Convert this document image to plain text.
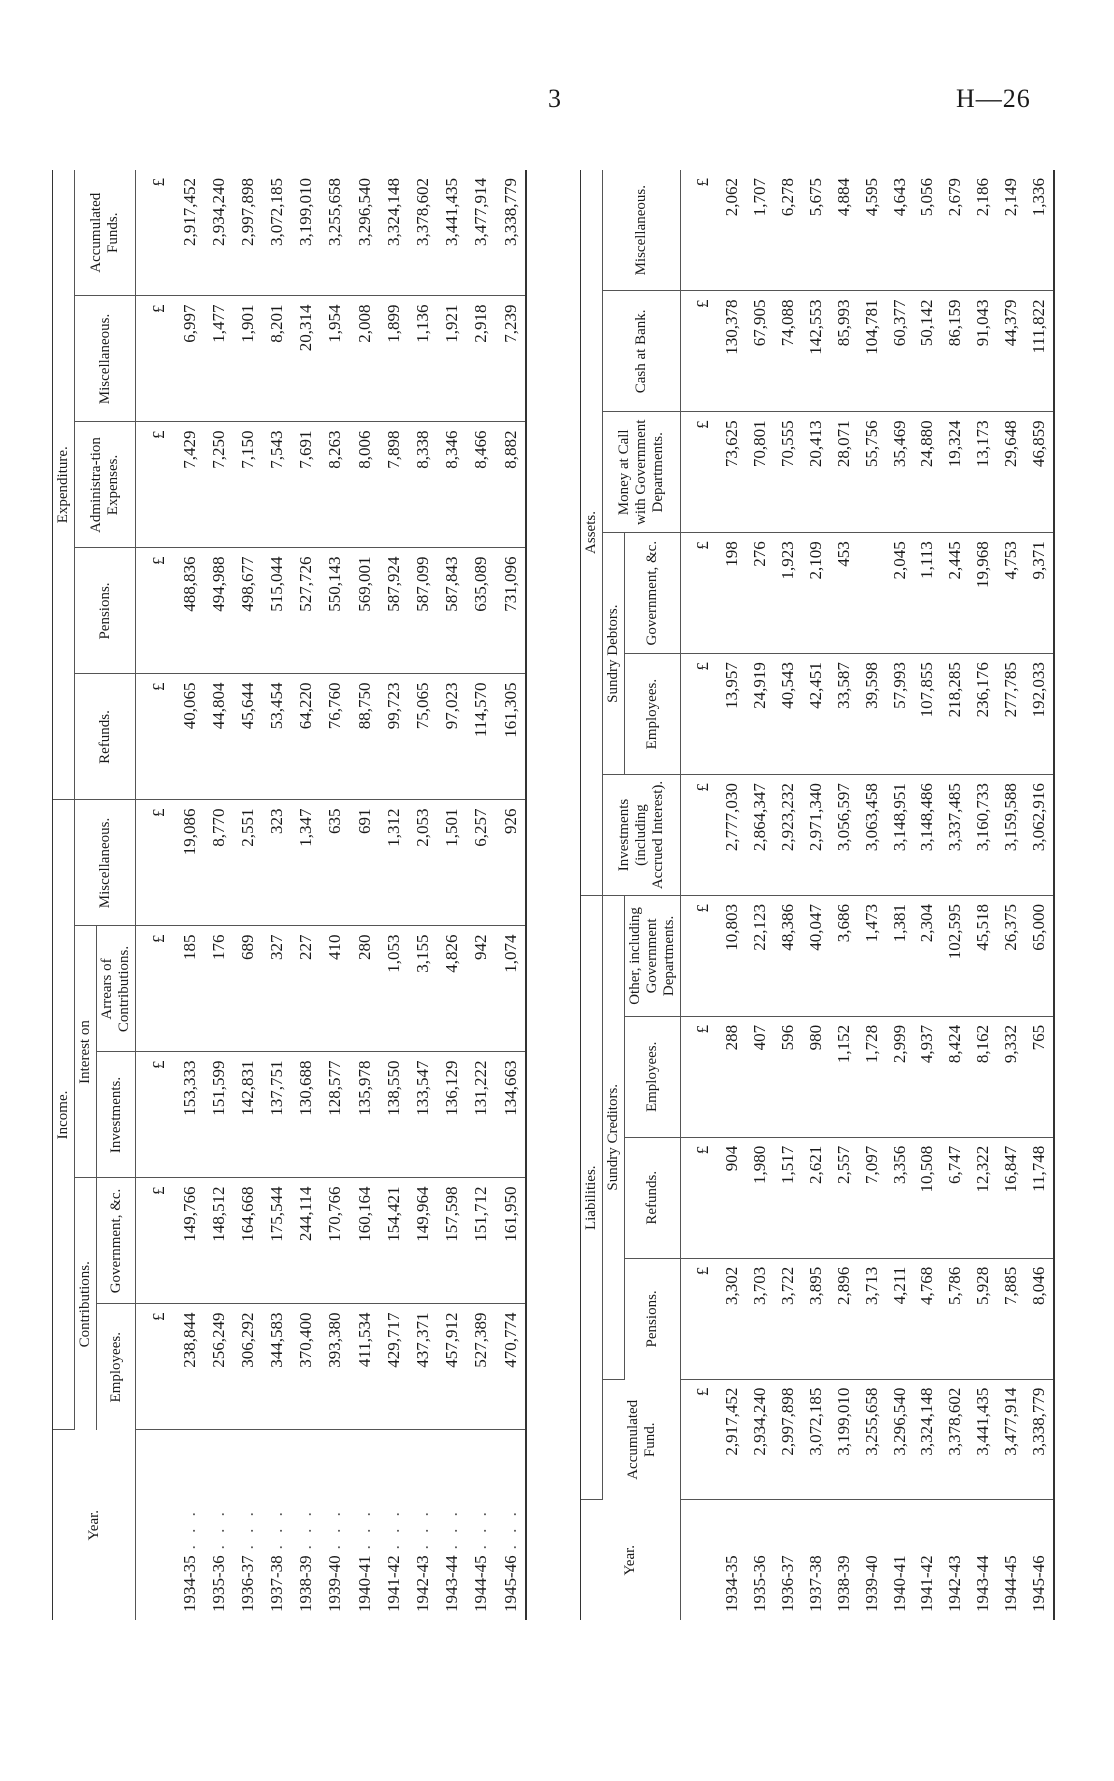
3	H—26
Year.	Income.					Expenditure.				
	Contributions.		Interest on		Miscellaneous.	Refunds.	Pensions.	Administra-tion Expenses.	Miscellaneous.	Accumulated Funds.
	Employees.	Government, &c.	Investments.	Arrears of Contributions.						
	£	£	£	£	£	£	£	£	£	£
1934-35. . .	238,844	149,766	153,333	185	19,086	40,065	488,836	7,429	6,997	2,917,452
1935-36. . .	256,249	148,512	151,599	176	8,770	44,804	494,988	7,250	1,477	2,934,240
1936-37. . .	306,292	164,668	142,831	689	2,551	45,644	498,677	7,150	1,901	2,997,898
1937-38. . .	344,583	175,544	137,751	327	323	53,454	515,044	7,543	8,201	3,072,185
1938-39. . .	370,400	244,114	130,688	227	1,347	64,220	527,726	7,691	20,314	3,199,010
1939-40. . .	393,380	170,766	128,577	410	635	76,760	550,143	8,263	1,954	3,255,658
1940-41. . .	411,534	160,164	135,978	280	691	88,750	569,001	8,006	2,008	3,296,540
1941-42. . .	429,717	154,421	138,550	1,053	1,312	99,723	587,924	7,898	1,899	3,324,148
1942-43. . .	437,371	149,964	133,547	3,155	2,053	75,065	587,099	8,338	1,136	3,378,602
1943-44. . .	457,912	157,598	136,129	4,826	1,501	97,023	587,843	8,346	1,921	3,441,435
1944-45. . .	527,389	151,712	131,222	942	6,257	114,570	635,089	8,466	2,918	3,477,914
1945-46. . .	470,774	161,950	134,663	1,074	926	161,305	731,096	8,882	7,239	3,338,779
Year.	Liabilities.					Assets.					
	Accumulated Fund.	Sundry Creditors.				Investments (including Accrued Interest).	Sundry Debtors.		Money at Call with Government Departments.	Cash at Bank.	Miscellaneous.
		Pensions.	Refunds.	Employees.	Other, including Government Departments.		Employees.	Government, &c.			
	£	£	£	£	£	£	£	£	£	£	£
1934-35	2,917,452	3,302	904	288	10,803	2,777,030	13,957	198	73,625	130,378	2,062
1935-36	2,934,240	3,703	1,980	407	22,123	2,864,347	24,919	276	70,801	67,905	1,707
1936-37	2,997,898	3,722	1,517	596	48,386	2,923,232	40,543	1,923	70,555	74,088	6,278
1937-38	3,072,185	3,895	2,621	980	40,047	2,971,340	42,451	2,109	20,413	142,553	5,675
1938-39	3,199,010	2,896	2,557	1,152	3,686	3,056,597	33,587	453	28,071	85,993	4,884
1939-40	3,255,658	3,713	7,097	1,728	1,473	3,063,458	39,598		55,756	104,781	4,595
1940-41	3,296,540	4,211	3,356	2,999	1,381	3,148,951	57,993	2,045	35,469	60,377	4,643
1941-42	3,324,148	4,768	10,508	4,937	2,304	3,148,486	107,855	1,113	24,880	50,142	5,056
1942-43	3,378,602	5,786	6,747	8,424	102,595	3,337,485	218,285	2,445	19,324	86,159	2,679
1943-44	3,441,435	5,928	12,322	8,162	45,518	3,160,733	236,176	19,968	13,173	91,043	2,186
1944-45	3,477,914	7,885	16,847	9,332	26,375	3,159,588	277,785	4,753	29,648	44,379	2,149
1945-46	3,338,779	8,046	11,748	765	65,000	3,062,916	192,033	9,371	46,859	111,822	1,336
